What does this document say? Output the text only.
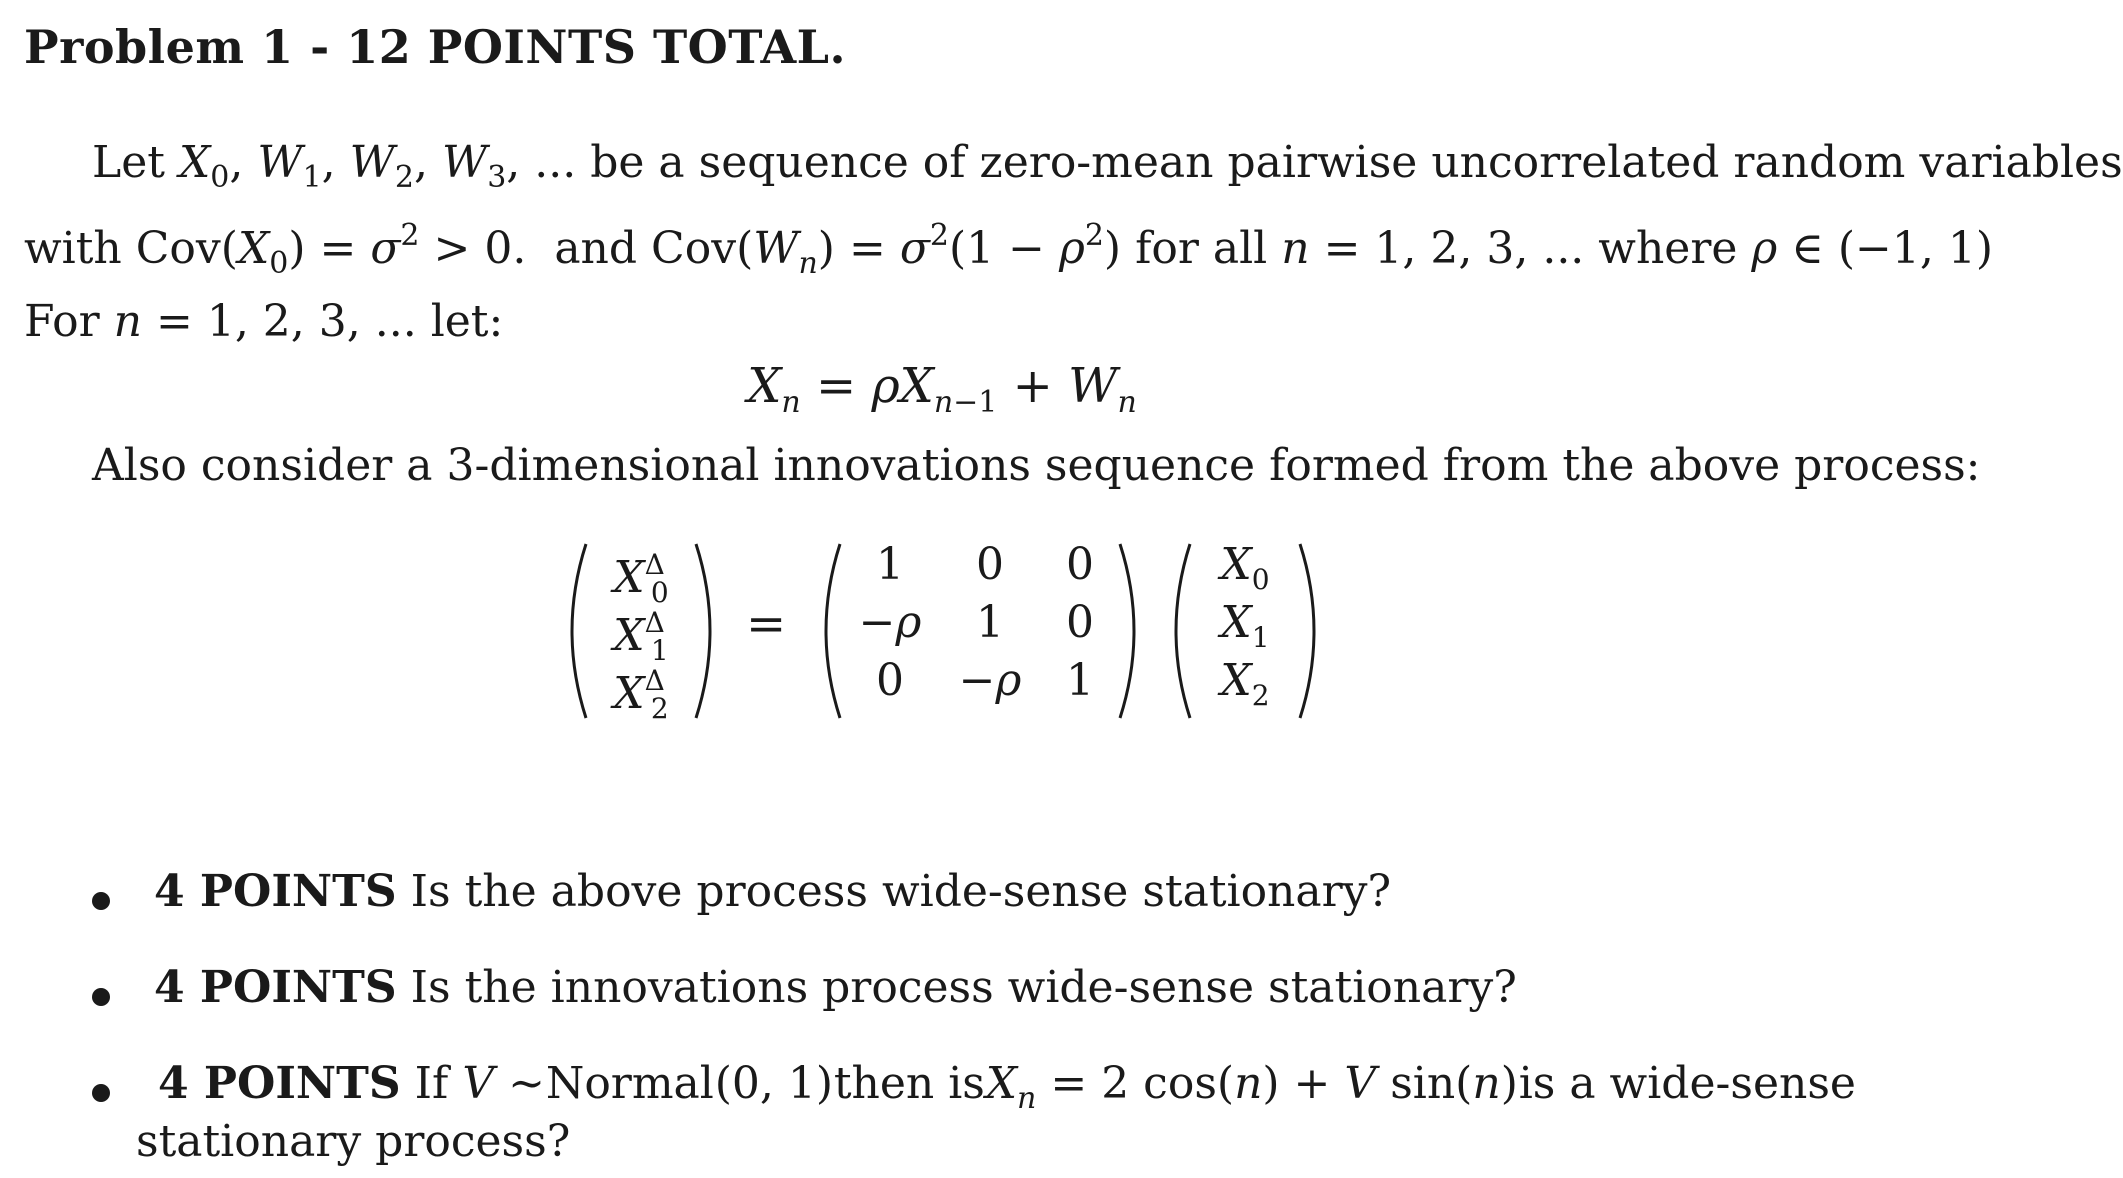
Problem 1 - 12 POINTS TOTAL.
Let $X_0$, $W_1$, $W_2$, $W_3$, ... be a sequence of zero-mean pairwise uncorrelated random variables
with $Cov(X_0) = \sigma^2 > 0$.  and $Cov(W_n) = \sigma^2(1 - \rho^2)$ for all n = 1, 2, 3, ... where ρ ∈ (−1, 1)
For n = 1, 2, 3, ... let:
$X_n = \rho X_{n-1} + W_n$
Also consider a 3-dimensional innovations sequence formed from the above process:
$X^\Delta_0$
$X^\Delta_1$
$X^\Delta_2$
=
1	0	0
−ρ	1	0
0	−ρ	1
$X_0$
$X_1$
$X_2$
4 POINTS Is the above process wide-sense stationary?
4 POINTS Is the innovations process wide-sense stationary?
4 POINTS If V ∼ Normal (0, 1) then is $X_n = 2$ cos(n) + V sin(n) is a wide-sense
stationary process?
